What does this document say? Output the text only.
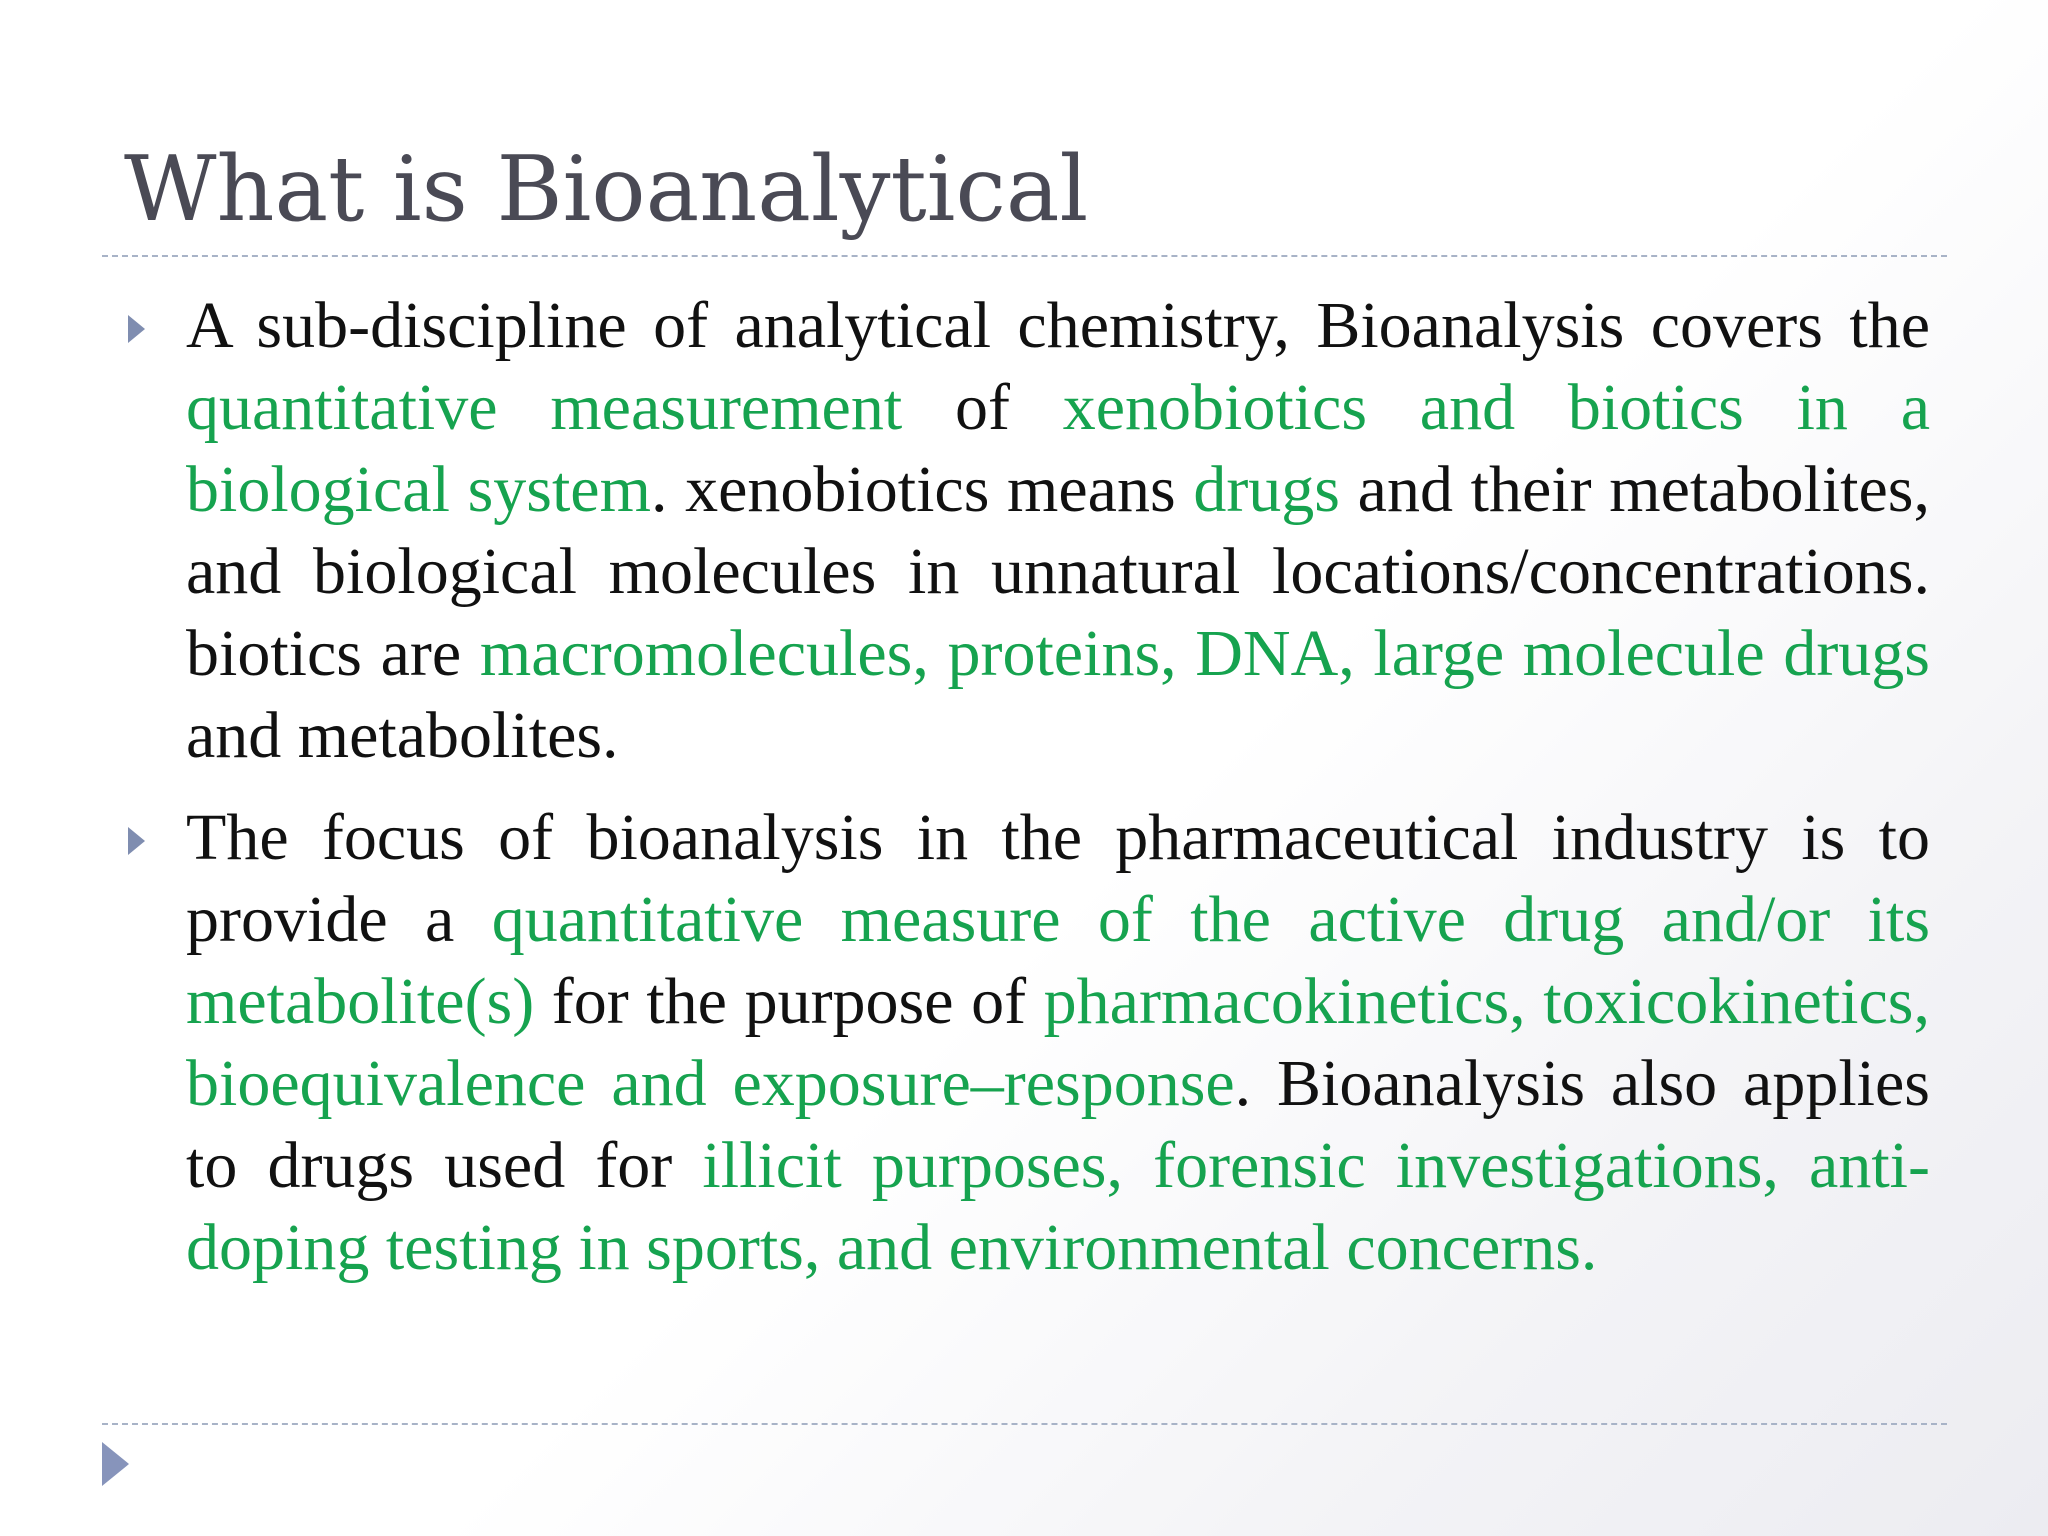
What is Bioanalytical
A sub-discipline of analytical chemistry, Bioanalysis covers the quantitative measurement of xenobiotics and biotics in a biological system. xenobiotics means drugs and their metabolites, and biological molecules in unnatural locations/concentrations. biotics are macromolecules, proteins, DNA, large molecule drugs and metabolites.
The focus of bioanalysis in the pharmaceutical industry is to provide a quantitative measure of the active drug and/or its metabolite(s) for the purpose of pharmacokinetics, toxicokinetics, bioequivalence and exposure–response. Bioanalysis also applies to drugs used for illicit purposes, forensic investigations, anti-doping testing in sports, and environmental concerns.
